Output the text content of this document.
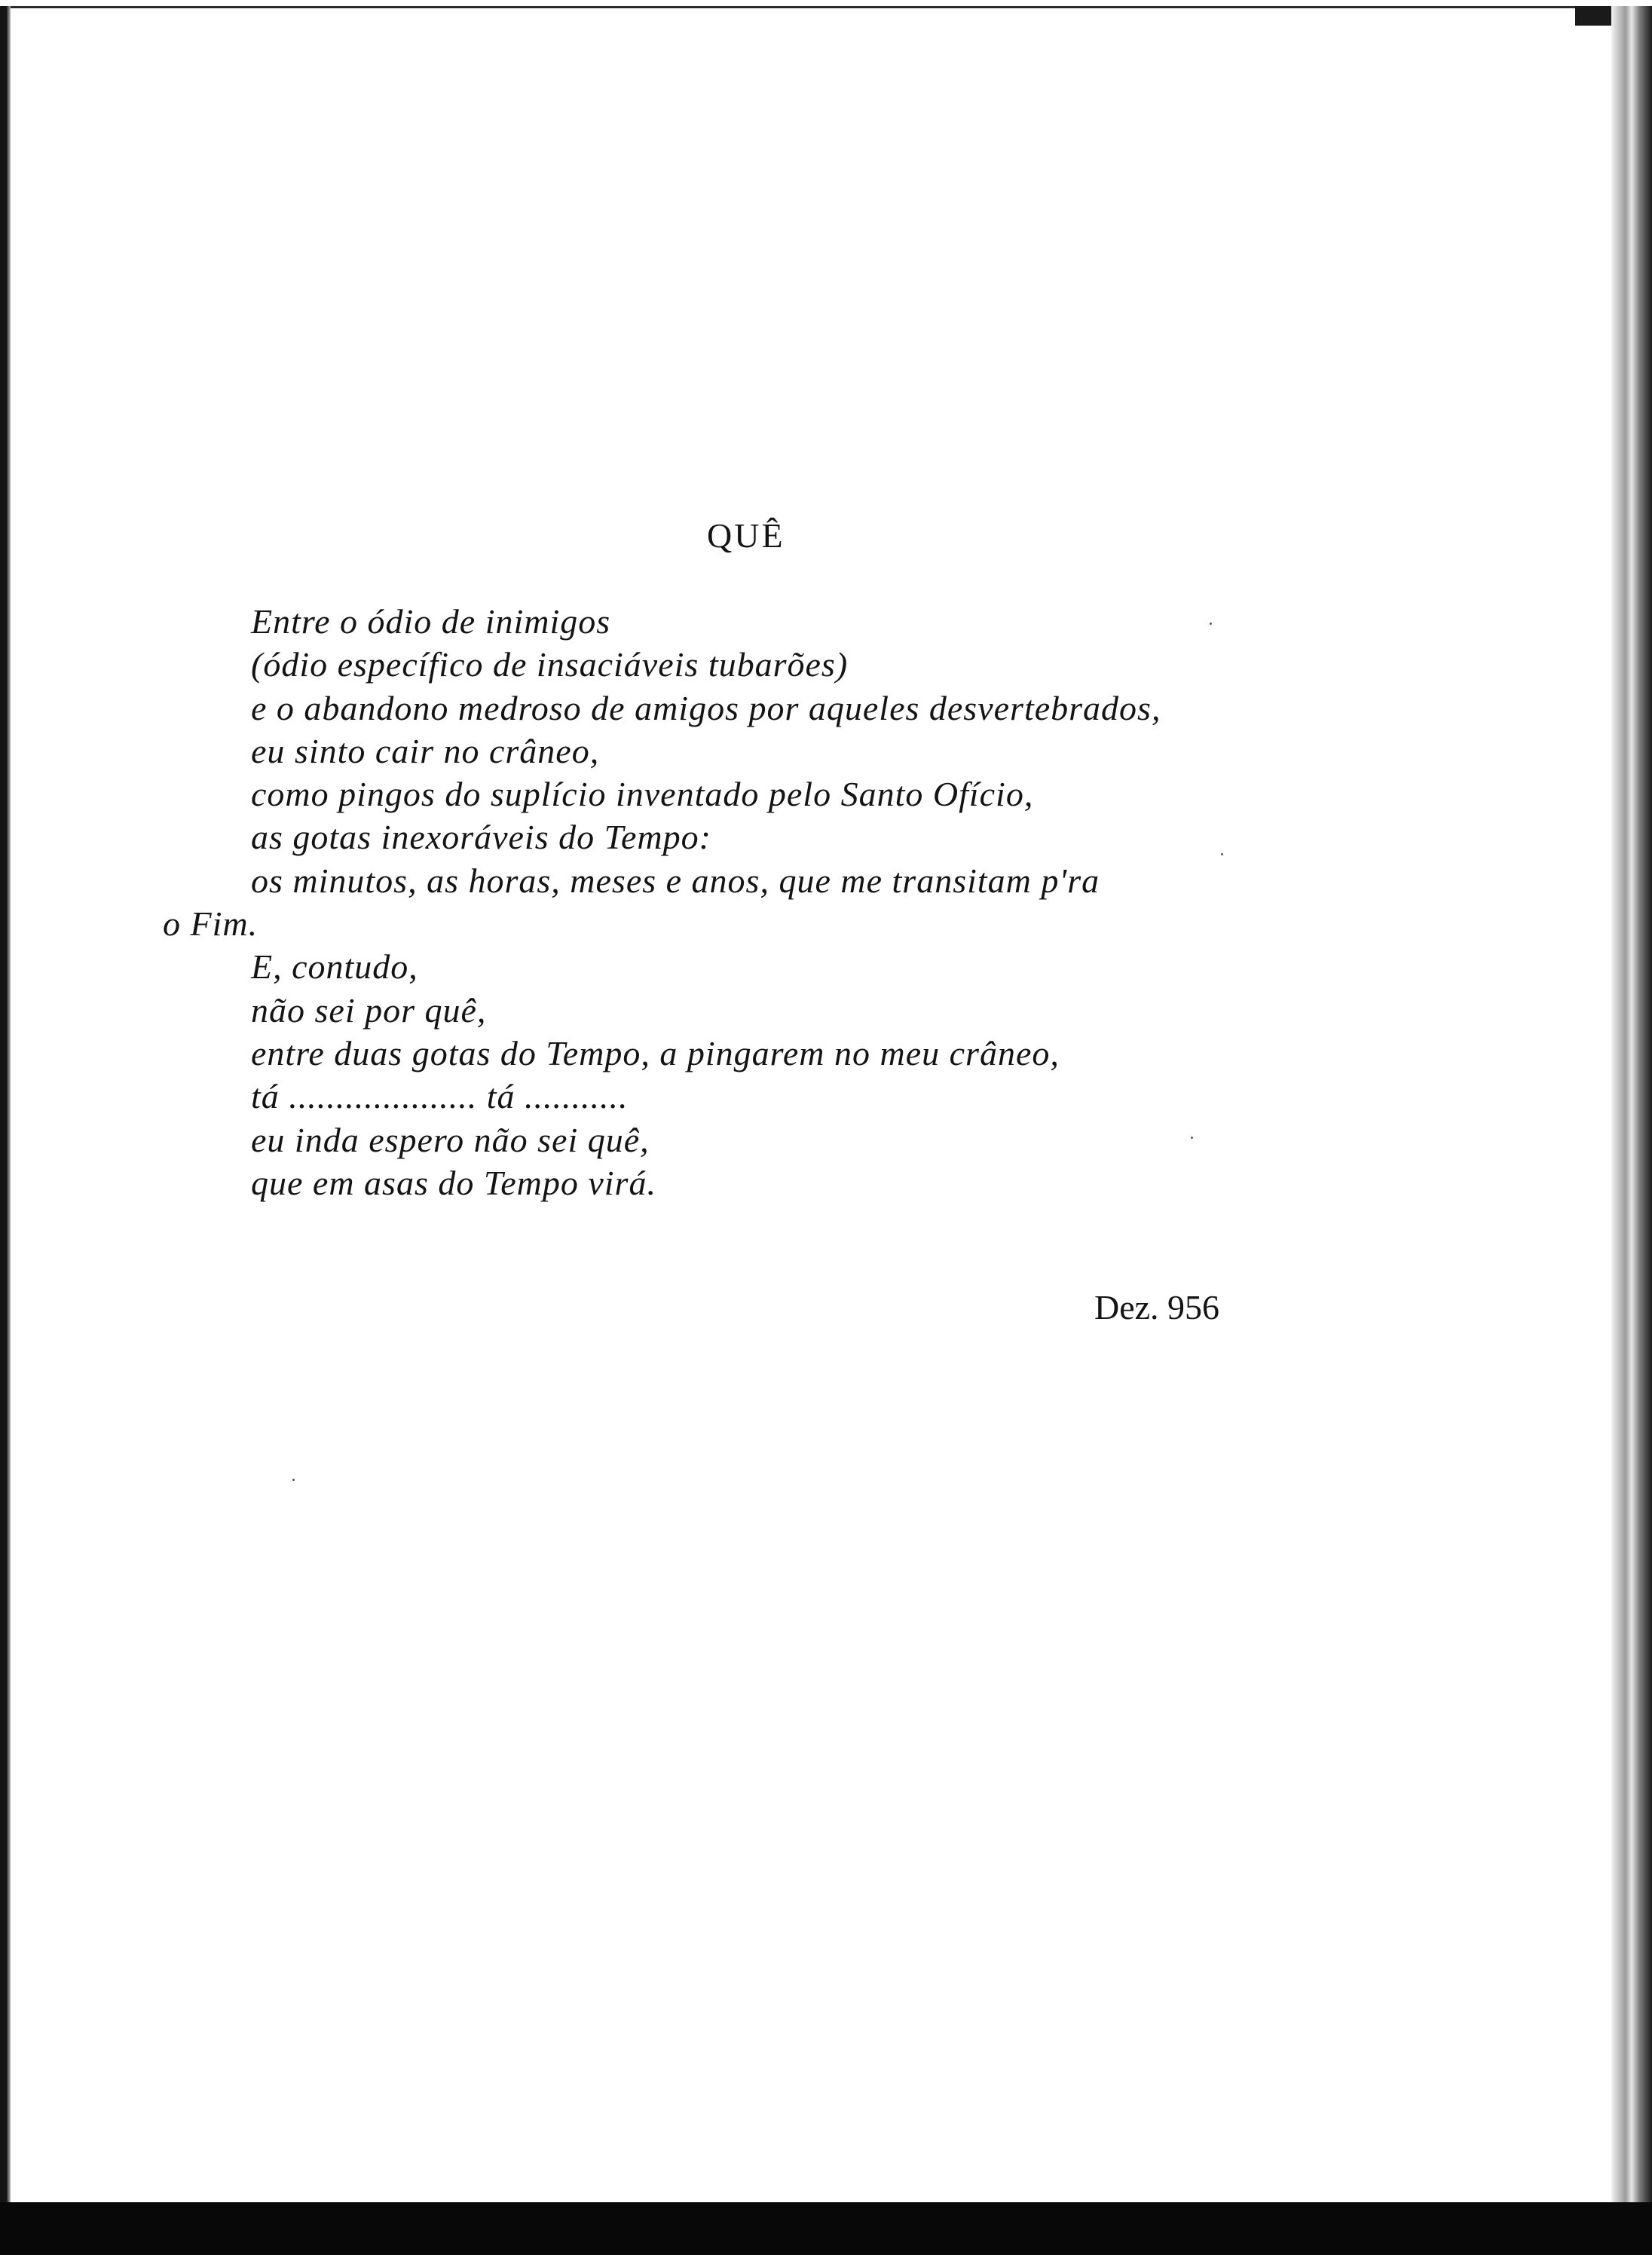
QUÊ
Entre o ódio de inimigos
(ódio específico de insaciáveis tubarões)
e o abandono medroso de amigos por aqueles desvertebrados,
eu sinto cair no crâneo,
como pingos do suplício inventado pelo Santo Ofício,
as gotas inexoráveis do Tempo:
os minutos, as horas, meses e anos, que me transitam p'ra
o Fim.
E, contudo,
não sei por quê,
entre duas gotas do Tempo, a pingarem no meu crâneo,
tá .................... tá ...........
eu inda espero não sei quê,
que em asas do Tempo virá.

Dez. 956
